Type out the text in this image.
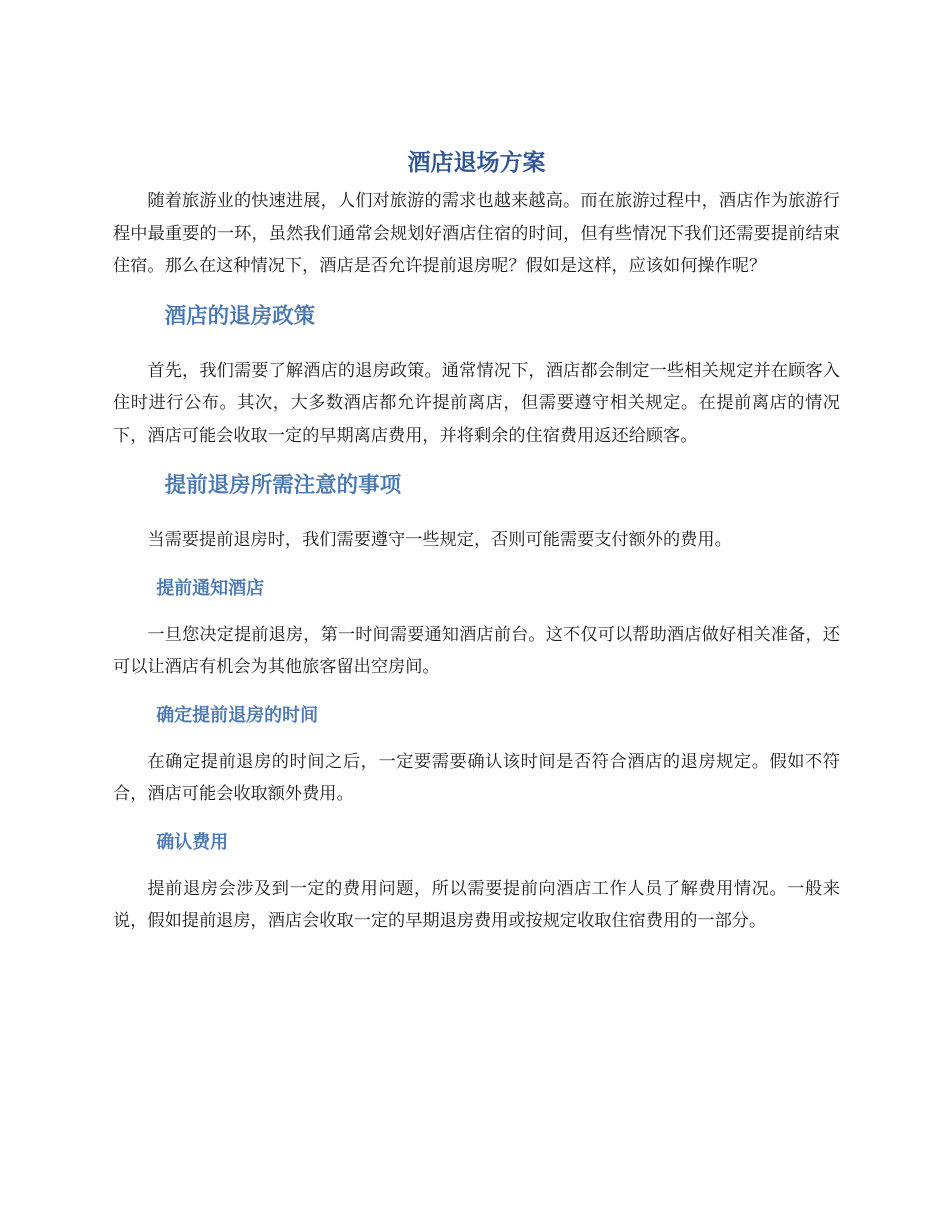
酒店退场方案

随着旅游业的快速进展，人们对旅游的需求也越来越高。而在旅游过程中，酒店作为旅游行程中最重要的一环，虽然我们通常会规划好酒店住宿的时间，但有些情况下我们还需要提前结束住宿。那么在这种情况下，酒店是否允许提前退房呢？假如是这样，应该如何操作呢？

酒店的退房政策

首先，我们需要了解酒店的退房政策。通常情况下，酒店都会制定一些相关规定并在顾客入住时进行公布。其次，大多数酒店都允许提前离店，但需要遵守相关规定。在提前离店的情况下，酒店可能会收取一定的早期离店费用，并将剩余的住宿费用返还给顾客。

提前退房所需注意的事项

当需要提前退房时，我们需要遵守一些规定，否则可能需要支付额外的费用。

提前通知酒店

一旦您决定提前退房，第一时间需要通知酒店前台。这不仅可以帮助酒店做好相关准备，还可以让酒店有机会为其他旅客留出空房间。

确定提前退房的时间

在确定提前退房的时间之后，一定要需要确认该时间是否符合酒店的退房规定。假如不符合，酒店可能会收取额外费用。

确认费用

提前退房会涉及到一定的费用问题，所以需要提前向酒店工作人员了解费用情况。一般来说，假如提前退房，酒店会收取一定的早期退房费用或按规定收取住宿费用的一部分。
